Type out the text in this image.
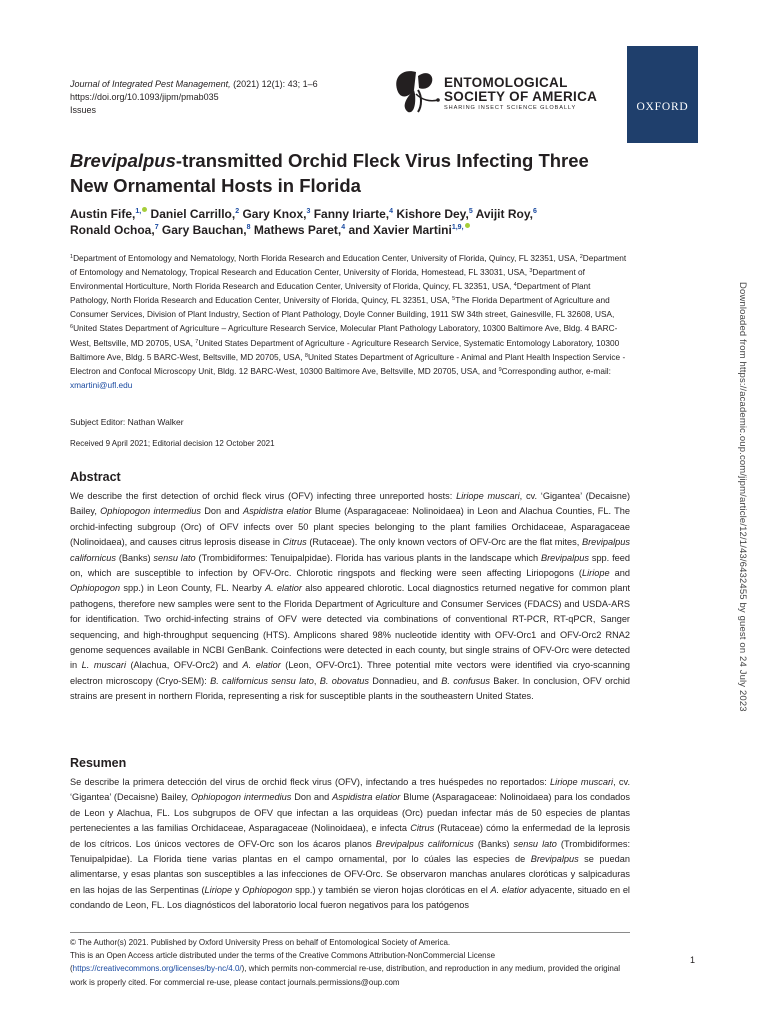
Journal of Integrated Pest Management, (2021) 12(1): 43; 1–6
https://doi.org/10.1093/jipm/pmab035
Issues
ENTOMOLOGICAL
SOCIETY OF AMERICA
SHARING INSECT SCIENCE GLOBALLY	OXFORD
Brevipalpus-transmitted Orchid Fleck Virus Infecting Three
New Ornamental Hosts in Florida
Austin Fife,$^{1,}$ Daniel Carrillo,$^2$ Gary Knox,$^3$ Fanny Iriarte,$^4$ Kishore Dey,$^5$ Avijit Roy,$^6$
Ronald Ochoa,$^7$ Gary Bauchan,$^8$ Mathews Paret,$^4$ and Xavier Martini$^{1,9,}$
$^1$Department of Entomology and Nematology, North Florida Research and Education Center, University of Florida, Quincy, FL 32351, USA, $^2$Department of Entomology and Nematology, Tropical Research and Education Center, University of Florida, Homestead, FL 33031, USA, $^3$Department of Environmental Horticulture, North Florida Research and Education Center, University of Florida, Quincy, FL 32351, USA, $^4$Department of Plant Pathology, North Florida Research and Education Center, University of Florida, Quincy, FL 32351, USA, $^5$The Florida Department of Agriculture and Consumer Services, Division of Plant Industry, Section of Plant Pathology, Doyle Conner Building, 1911 SW 34th street, Gainesville, FL 32608, USA, $^6$United States Department of Agriculture – Agriculture Research Service, Molecular Plant Pathology Laboratory, 10300 Baltimore Ave, Bldg. 4 BARC-West, Beltsville, MD 20705, USA, $^7$United States Department of Agriculture - Agriculture Research Service, Systematic Entomology Laboratory, 10300 Baltimore Ave, Bldg. 5 BARC-West, Beltsville, MD 20705, USA, $^8$United States Department of Agriculture - Animal and Plant Health Inspection Service - Electron and Confocal Microscopy Unit, Bldg. 12 BARC-West, 10300 Baltimore Ave, Beltsville, MD 20705, USA, and $^9$Corresponding author, e-mail: xmartini@ufl.edu
Subject Editor: Nathan Walker
Received 9 April 2021; Editorial decision 12 October 2021
Abstract
We describe the first detection of orchid fleck virus (OFV) infecting three unreported hosts: Liriope muscari, cv. ‘Gigantea’ (Decaisne) Bailey, Ophiopogon intermedius Don and Aspidistra elatior Blume (Asparagaceae: Nolinoidaea) in Leon and Alachua Counties, FL. The orchid-infecting subgroup (Orc) of OFV infects over 50 plant species belonging to the plant families Orchidaceae, Asparagaceae (Nolinoidaea), and causes citrus leprosis disease in Citrus (Rutaceae). The only known vectors of OFV-Orc are the flat mites, Brevipalpus californicus (Banks) sensu lato (Trombidiformes: Tenuipalpidae). Florida has various plants in the landscape which Brevipalpus spp. feed on, which are susceptible to infection by OFV-Orc. Chlorotic ringspots and flecking were seen affecting Liriopogons (Liriope and Ophiopogon spp.) in Leon County, FL. Nearby A. elatior also appeared chlorotic. Local diagnostics returned negative for common plant pathogens, therefore new samples were sent to the Florida Department of Agriculture and Consumer Services (FDACS) and USDA-ARS for identification. Two orchid-infecting strains of OFV were detected via combinations of conventional RT-PCR, RT-qPCR, Sanger sequencing, and high-throughput sequencing (HTS). Amplicons shared 98% nucleotide identity with OFV-Orc1 and OFV-Orc2 RNA2 genome sequences available in NCBI GenBank. Coinfections were detected in each county, but single strains of OFV-Orc were detected in L. muscari (Alachua, OFV-Orc2) and A. elatior (Leon, OFV-Orc1). Three potential mite vectors were identified via cryo-scanning electron microscopy (Cryo-SEM): B. californicus sensu lato, B. obovatus Donnadieu, and B. confusus Baker. In conclusion, OFV orchid strains are present in northern Florida, representing a risk for susceptible plants in the southeastern United States.
Resumen
Se describe la primera detección del virus de orchid fleck virus (OFV), infectando a tres huéspedes no reportados: Liriope muscari, cv. ‘Gigantea’ (Decaisne) Bailey, Ophiopogon intermedius Don and Aspidistra elatior Blume (Asparagaceae: Nolinoidaea) para los condados de Leon y Alachua, FL. Los subgrupos de OFV que infectan a las orquideas (Orc) puedan infectar más de 50 especies de plantas pertenecientes a las familias Orchidaceae, Asparagaceae (Nolinoidaea), e infecta Citrus (Rutaceae) cómo la enfermedad de la leprosis de los cítricos. Los únicos vectores de OFV-Orc son los ácaros planos Brevipalpus californicus (Banks) sensu lato (Trombidiformes: Tenuipalpidae). La Florida tiene varias plantas en el campo ornamental, por lo cúales las especies de Brevipalpus se puedan alimentarse, y esas plantas son susceptibles a las infecciones de OFV-Orc. Se observaron manchas anulares cloróticas y salpicaduras en las hojas de las Serpentinas (Liriope y Ophiopogon spp.) y también se vieron hojas cloróticas en el A. elatior adyacente, situado en el condando de Leon, FL. Los diagnósticos del laboratorio local fueron negativos para los patógenos
© The Author(s) 2021. Published by Oxford University Press on behalf of Entomological Society of America.
This is an Open Access article distributed under the terms of the Creative Commons Attribution-NonCommercial License (https://creativecommons.org/licenses/by-nc/4.0/), which permits non-commercial re-use, distribution, and reproduction in any medium, provided the original work is properly cited. For commercial re-use, please contact journals.permissions@oup.com
1
Downloaded from https://academic.oup.com/jipm/article/12/1/43/6432455 by guest on 24 July 2023
